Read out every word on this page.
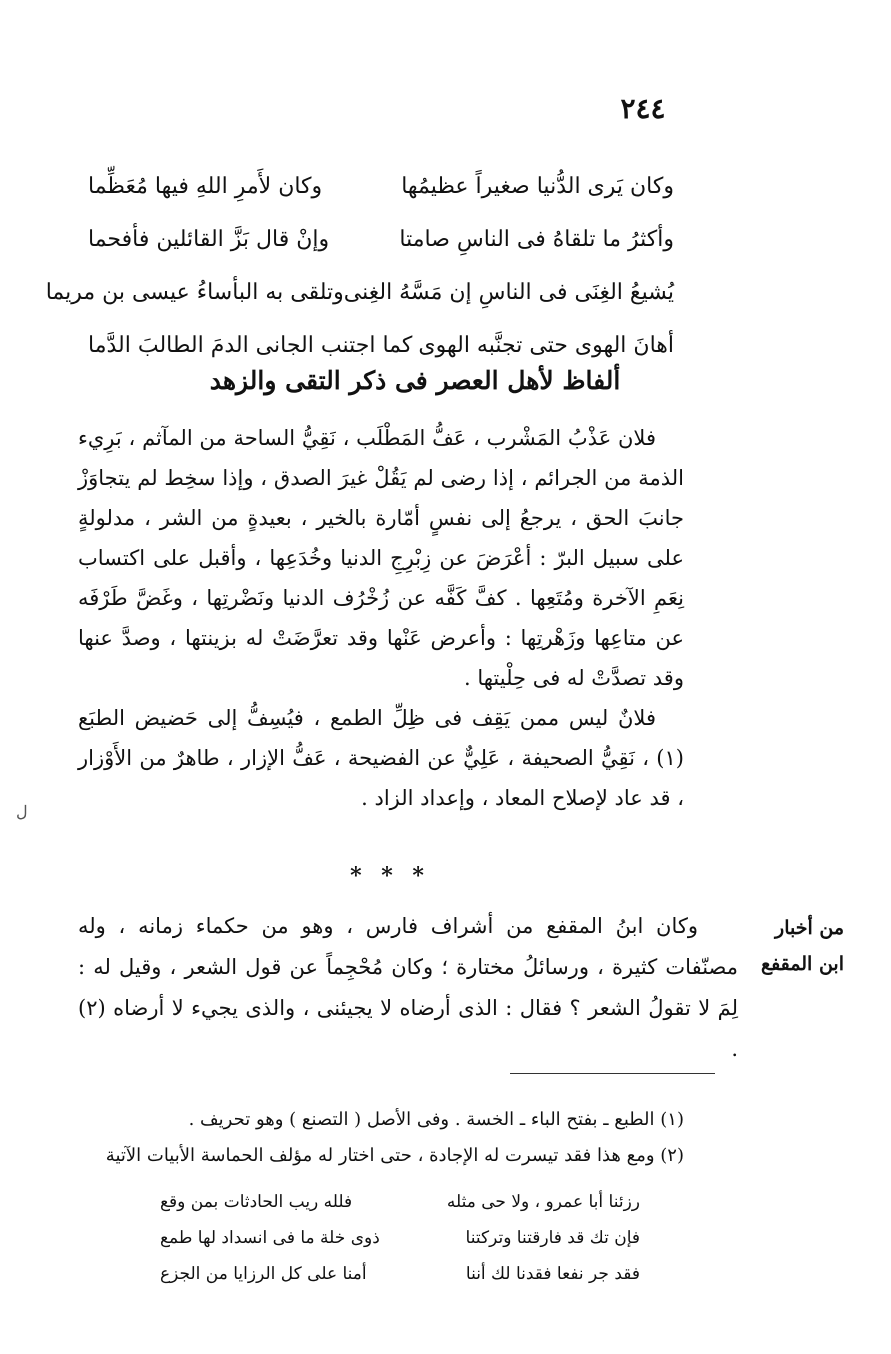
٢٤٤
وكان يَرى الدُّنيا صغيراً عظيمُها
وكان لأَمرِ اللهِ فيها مُعَظِّما
وأكثرُ ما تلقاهُ فى الناسِ صامتا
وإنْ قال بَزَّ القائلين فأفحما
يُشيعُ الغِنَى فى الناسِ إن مَسَّهُ الغِنى
وتلقى به البأساءُ عيسى بن مريما
أهانَ الهوى حتى تجنَّبه الهوى
كما اجتنب الجانى الدمَ الطالبَ الدَّما
ألفاظ لأهل العصر فى ذكر التقى والزهد

فلان عَذْبُ المَشْرب ، عَفُّ المَطْلَب ، نَقِيُّ الساحة من المآثم ، بَرِيء الذمة من الجرائم ، إذا رضى لم يَقُلْ غيرَ الصدق ، وإذا سخِط لم يتجاوَزْ جانبَ الحق ، يرجعُ إلى نفسٍ أمّارة بالخير ، بعيدةٍ من الشر ، مدلولةٍ على سبيل البرّ : أعْرَضَ عن زِبْرِجِ الدنيا وخُدَعِها ، وأقبل على اكتساب نِعَمِ الآخرة ومُتَعِها . كفَّ كَفَّه عن زُخْرُف الدنيا ونَضْرتِها ، وغَضَّ طَرْفَه عن متاعِها وزَهْرتِها : وأعرض عَنْها وقد تعرَّضَتْ له بزينتها ، وصدَّ عنها وقد تصدَّتْ له فى حِلْيتها .

فلانٌ ليس ممن يَقِف فى ظِلِّ الطمع ، فيُسِفُّ إلى حَضيض الطبَع (١) ، نَقِيُّ الصحيفة ، عَلِيٌّ عن الفضيحة ، عَفُّ الإزار ، طاهرٌ من الأَوْزار ، قد عاد لإصلاح المعاد ، وإعداد الزاد .

ل
* * *
من أخبار
ابن المقفع

وكان ابنُ المقفع من أشراف فارس ، وهو من حكماء زمانه ، وله مصنّفات كثيرة ، ورسائلُ مختارة ؛ وكان مُحْجِماً عن قول الشعر ، وقيل له : لِمَ لا تقولُ الشعر ؟ فقال : الذى أرضاه لا يجيئنى ، والذى يجيء لا أرضاه (٢) .

(١) الطبع ـ بفتح الباء ـ الخسة . وفى الأصل ( التصنع ) وهو تحريف .

(٢) ومع هذا فقد تيسرت له الإجادة ، حتى اختار له مؤلف الحماسة الأبيات الآتية

رزئنا أبا عمرو ، ولا حى مثله
فلله ريب الحادثات بمن وقع
فإن تك قد فارقتنا وتركتنا
ذوى خلة ما فى انسداد لها طمع
فقد جر نفعا فقدنا لك أننا
أمنا على كل الرزايا من الجزع
